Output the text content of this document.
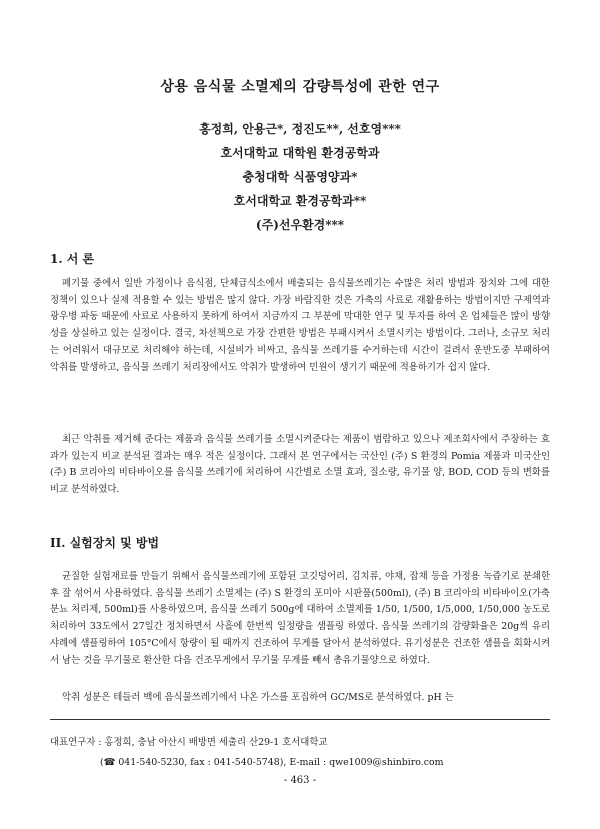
상용 음식물 소멸제의 감량특성에 관한 연구
홍정희, 안용근*, 정진도**, 선호영***
호서대학교 대학원 환경공학과
충청대학 식품영양과*
호서대학교 환경공학과**
(주)선우환경***
1. 서 론

폐기물 중에서 일반 가정이나 음식점, 단체급식소에서 배출되는 음식물쓰레기는 수많은 처리 방법과 장치와 그에 대한 정책이 있으나 실제 적용할 수 있는 방법은 많지 않다. 가장 바람직한 것은 가축의 사료로 재활용하는 방법이지만 구제역과 광우병 파동 때문에 사료로 사용하지 못하게 하여서 지금까지 그 부분에 막대한 연구 및 투자를 하여 온 업체들은 많이 방향성을 상실하고 있는 실정이다. 결국, 차선책으로 가장 간편한 방법은 부패시켜서 소멸시키는 방법이다. 그러나, 소규모 처리는 어려워서 대규모로 처리해야 하는데, 시설비가 비싸고, 음식물 쓰레기를 수거하는데 시간이 걸려서 운반도중 부패하여 악취를 발생하고, 음식물 쓰레기 처리장에서도 악취가 발생하여 민원이 생기기 때문에 적용하기가 쉽지 않다.

최근 악취를 제거해 준다는 제품과 음식물 쓰레기를 소멸시켜준다는 제품이 범람하고 있으나 제조회사에서 주장하는 효과가 있는지 비교 분석된 결과는 매우 적은 실정이다. 그래서 본 연구에서는 국산인 (주) S 환경의 Pomia 제품과 미국산인 (주) B 코리아의 비타바이오를 음식물 쓰레기에 처리하여 시간별로 소멸 효과, 질소량, 유기물 양, BOD, COD 등의 변화를 비교 분석하였다.

II. 실험장치 및 방법

균질한 실험재료를 만들기 위해서 음식물쓰레기에 포함된 고깃덩어리, 김치류, 야채, 잡채 등을 가정용 녹즙기로 분쇄한 후 잘 섞어서 사용하였다. 음식물 쓰레기 소멸제는 (주) S 환경의 포미아 시판품(500ml), (주) B 코리아의 비타바이오(가축분뇨 처리제, 500ml)를 사용하였으며, 음식물 쓰레기 500g에 대하여 소멸제를 1/50, 1/500, 1/5,000, 1/50,000 농도로 처리하여 33도에서 27일간 정치하면서 사흘에 한번씩 일정량을 샘플링 하였다. 음식물 쓰레기의 감량화율은 20g씩 유리 샤례에 샘플링하여 105°C에서 항량이 될 때까지 건조하여 무게를 달아서 분석하였다. 유기성분은 건조한 샘플을 회화시켜서 남는 것을 무기물로 환산한 다음 건조무게에서 무기물 무게를 빼서 총유기물양으로 하였다.

악취 성분은 테들러 백에 음식물쓰레기에서 나온 가스를 포집하여 GC/MS로 분석하였다. pH 는

대표연구자 : 홍정희, 충남 아산시 배방면 세출리 산29-1 호서대학교
(☎ 041-540-5230, fax : 041-540-5748), E-mail : qwe1009@shinbiro.com
- 463 -
